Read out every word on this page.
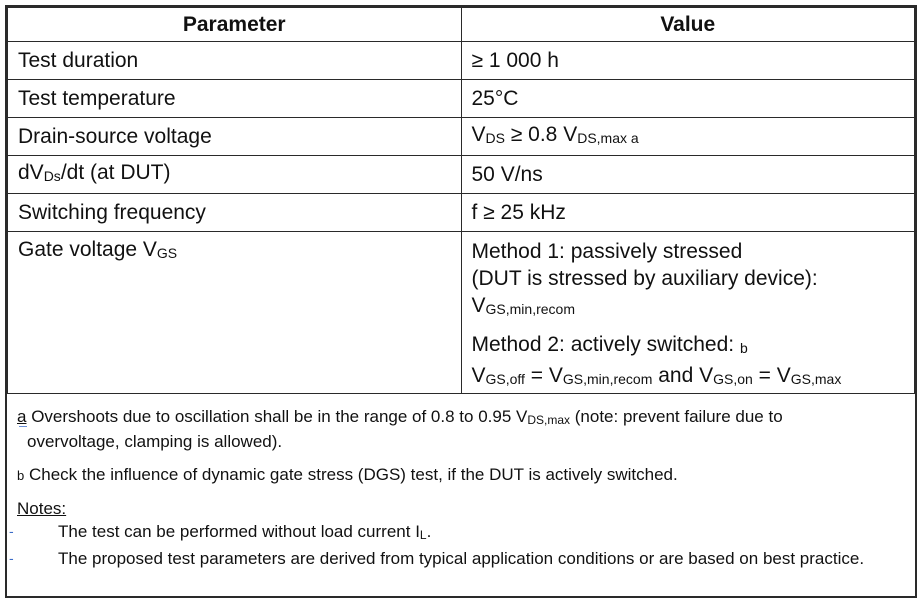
Parameter	Value
Test duration	≥ 1 000 h
Test temperature	25°C
Drain-source voltage	$V_{DS} \ge 0.8$ $V_{DS,max}$ $_a$
$dV_{Ds}/dt$ (at DUT)	50 V/ns
Switching frequency	f ≥ 25 kHz
Gate voltage $V_{GS}$	Method 1: passively stressed
(DUT is stressed by auxiliary device):
$V_{GS,min,recom}$
Method 2: actively switched: $_b$
$V_{GS,off} = V_{GS,min,recom}$ and $V_{GS,on} = V_{GS,max}$
a Overshoots due to oscillation shall be in the range of 0.8 to 0.95 $V_{DS,max}$ (note: prevent failure due to
overvoltage, clamping is allowed).
b Check the influence of dynamic gate stress (DGS) test, if the DUT is actively switched.
Notes:
-	The test can be performed without load current $I_L$.
-	The proposed test parameters are derived from typical application conditions or are based on best practice.
